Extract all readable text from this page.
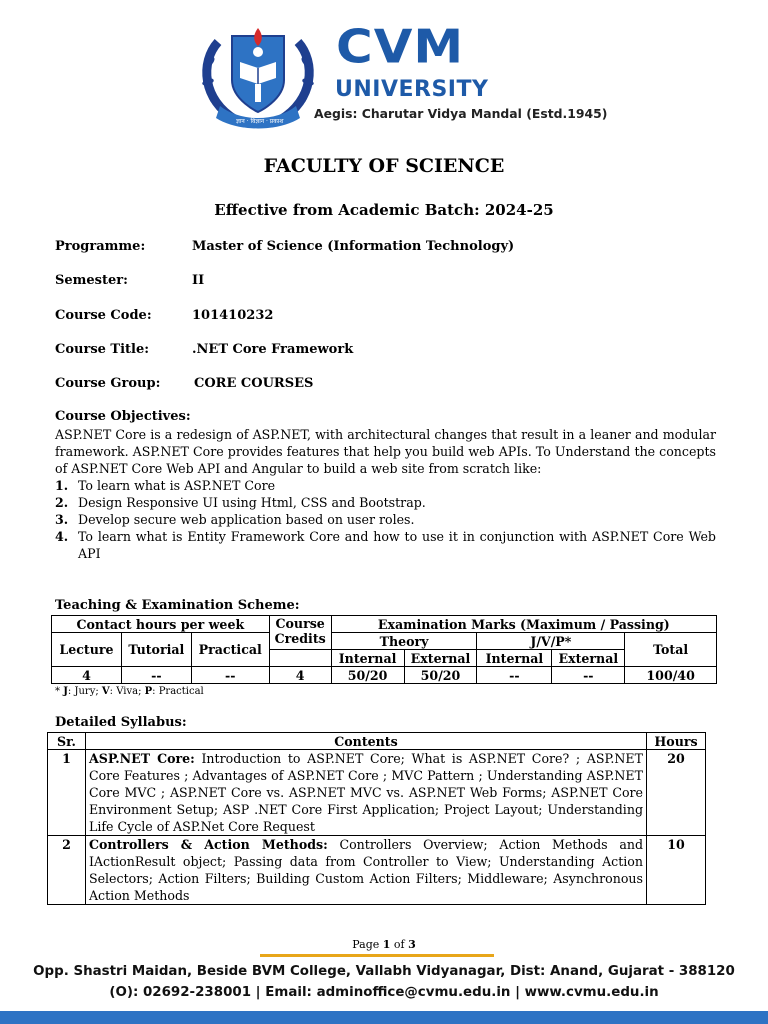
ज्ञान · विज्ञान · प्रकाश
CVM
UNIVERSITY
Aegis: Charutar Vidya Mandal (Estd.1945)
FACULTY OF SCIENCE
Effective from Academic Batch: 2024-25
Programme:	Master of Science (Information Technology)
Semester:	II
Course Code:	101410232
Course Title:	.NET Core Framework
Course Group:	CORE COURSES
Course Objectives:

ASP.NET Core is a redesign of ASP.NET, with architectural changes that result in a leaner and modular framework. ASP.NET Core provides features that help you build web APIs. To Understand the concepts of ASP.NET Core Web API and Angular to build a web site from scratch like:

1. To learn what is ASP.NET Core
2. Design Responsive UI using Html, CSS and Bootstrap.
3. Develop secure web application based on user roles.
4. To learn what is Entity Framework Core and how to use it in conjunction with ASP.NET Core Web API
Teaching & Examination Scheme:
Contact hours per week			Course Credits	Examination Marks (Maximum / Passing)				
Lecture	Tutorial	Practical		Theory		J/V/P*		Total
				Internal	External	Internal	External	
4	--	--	4	50/20	50/20	--	--	100/40
* J: Jury; V: Viva; P: Practical
Detailed Syllabus:
Sr.	Contents	Hours
1	ASP.NET Core: Introduction to ASP.NET Core; What is ASP.NET Core? ; ASP.NET Core Features ; Advantages of ASP.NET Core ; MVC Pattern ; Understanding ASP.NET Core MVC ; ASP.NET Core vs. ASP.NET MVC vs. ASP.NET Web Forms; ASP.NET Core Environment Setup; ASP .NET Core First Application; Project Layout; Understanding Life Cycle of ASP.Net Core Request	20
2	Controllers & Action Methods: Controllers Overview; Action Methods and IActionResult object; Passing data from Controller to View; Understanding Action Selectors; Action Filters; Building Custom Action Filters; Middleware; Asynchronous Action Methods	10
Page 1 of 3
Opp. Shastri Maidan, Beside BVM College, Vallabh Vidyanagar, Dist: Anand, Gujarat - 388120
(O): 02692-238001 | Email: adminoffice@cvmu.edu.in | www.cvmu.edu.in
